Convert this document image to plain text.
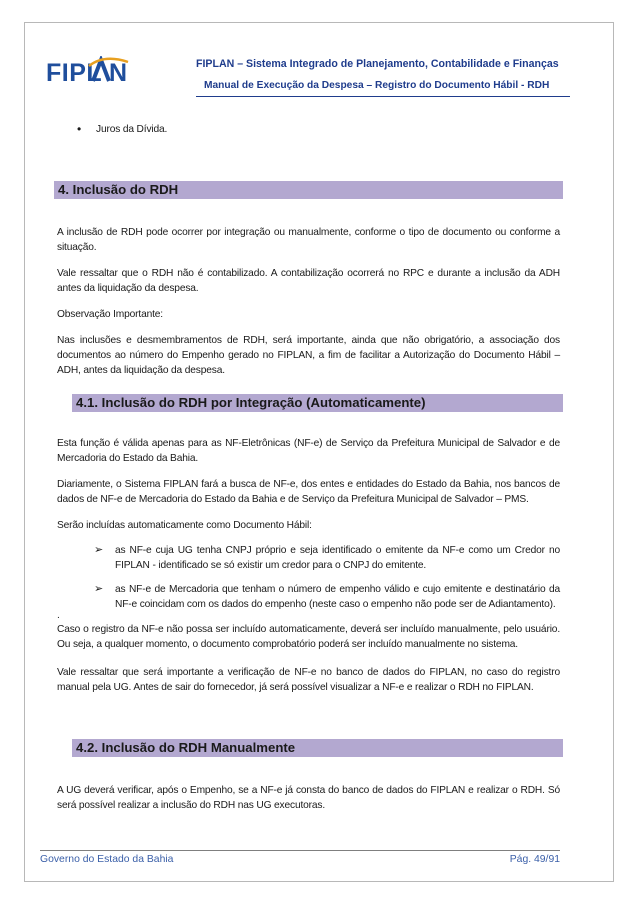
FIPL N	FIPLAN – Sistema Integrado de Planejamento, Contabilidade e Finanças
Manual de Execução da Despesa – Registro do Documento Hábil - RDH
• Juros da Dívida.
4. Inclusão do RDH
A inclusão de RDH pode ocorrer por integração ou manualmente, conforme o tipo de documento ou conforme a situação.
Vale ressaltar que o RDH não é contabilizado. A contabilização ocorrerá no RPC e durante a inclusão da ADH antes da liquidação da despesa.
Observação Importante:
Nas inclusões e desmembramentos de RDH, será importante, ainda que não obrigatório, a associação dos documentos ao número do Empenho gerado no FIPLAN, a fim de facilitar a Autorização do Documento Hábil – ADH, antes da liquidação da despesa.
4.1. Inclusão do RDH por Integração (Automaticamente)
Esta função é válida apenas para as NF-Eletrônicas (NF-e) de Serviço da Prefeitura Municipal de Salvador e de Mercadoria do Estado da Bahia.
Diariamente, o Sistema FIPLAN fará a busca de NF-e, dos entes e entidades do Estado da Bahia, nos bancos de dados de NF-e de Mercadoria do Estado da Bahia e de Serviço da Prefeitura Municipal de Salvador – PMS.
Serão incluídas automaticamente como Documento Hábil:
➢ as NF-e cuja UG tenha CNPJ próprio e seja identificado o emitente da NF-e como um Credor no FIPLAN - identificado se só existir um credor para o CNPJ do emitente.
➢ as NF-e de Mercadoria que tenham o número de empenho válido e cujo emitente e destinatário da NF-e coincidam com os dados do empenho (neste caso o empenho não pode ser de Adiantamento).
.
Caso o registro da NF-e não possa ser incluído automaticamente, deverá ser incluído manualmente, pelo usuário. Ou seja, a qualquer momento, o documento comprobatório poderá ser incluído manualmente no sistema.
Vale ressaltar que será importante a verificação de NF-e no banco de dados do FIPLAN, no caso do registro manual pela UG. Antes de sair do fornecedor, já será possível visualizar a NF-e e realizar o RDH no FIPLAN.
4.2. Inclusão do RDH Manualmente
A UG deverá verificar, após o Empenho, se a NF-e já consta do banco de dados do FIPLAN e realizar o RDH. Só será possível realizar a inclusão do RDH nas UG executoras.
Governo do Estado da Bahia	Pág. 49/91
